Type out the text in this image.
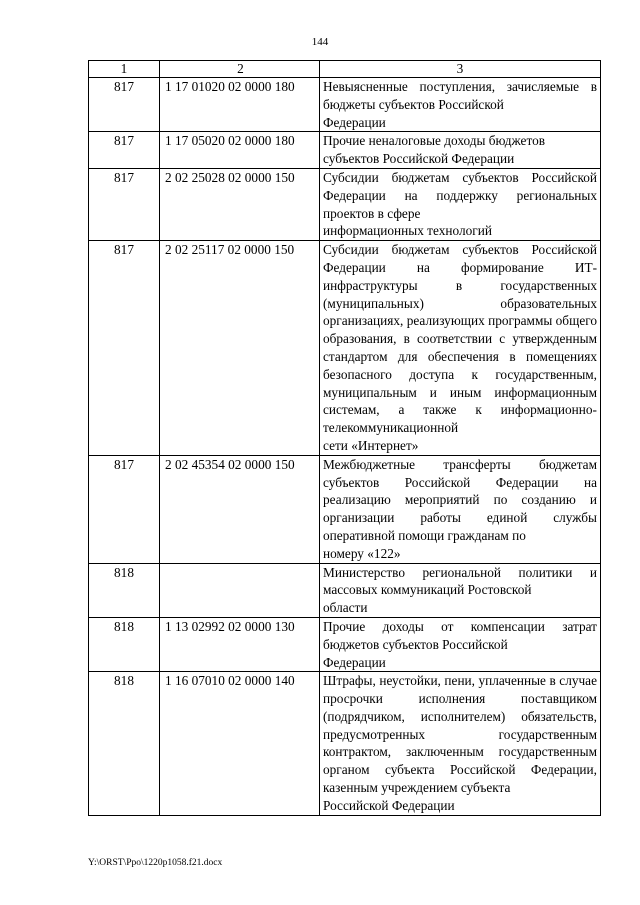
144
1	2	3
817	1 17 01020 02 0000 180	Невыясненные поступления, зачисляемые в бюджеты субъектов Российской
Федерации

817	1 17 05020 02 0000 180	Прочие неналоговые доходы бюджетов
субъектов Российской Федерации

817	2 02 25028 02 0000 150	Субсидии бюджетам субъектов Российской Федерации на поддержку региональных проектов в сфере
информационных технологий

817	2 02 25117 02 0000 150	Субсидии бюджетам субъектов Российской Федерации на формирование ИТ-инфраструктуры в государственных (муниципальных) образовательных организациях, реализующих программы общего образования, в соответствии с утвержденным стандартом для обеспечения в помещениях безопасного доступа к государственным, муниципальным и иным информационным системам, а также к информационно-телекоммуникационной
сети «Интернет»

817	2 02 45354 02 0000 150	Межбюджетные трансферты бюджетам субъектов Российской Федерации на реализацию мероприятий по созданию и организации работы единой службы оперативной помощи гражданам по
номеру «122»

818		Министерство региональной политики и массовых коммуникаций Ростовской
области

818	1 13 02992 02 0000 130	Прочие доходы от компенсации затрат бюджетов субъектов Российской
Федерации

818	1 16 07010 02 0000 140	Штрафы, неустойки, пени, уплаченные в случае просрочки исполнения поставщиком (подрядчиком, исполнителем) обязательств, предусмотренных государственным контрактом, заключенным государственным органом субъекта Российской Федерации, казенным учреждением субъекта
Российской Федерации
Y:\ORST\Ppo\1220p1058.f21.docx
